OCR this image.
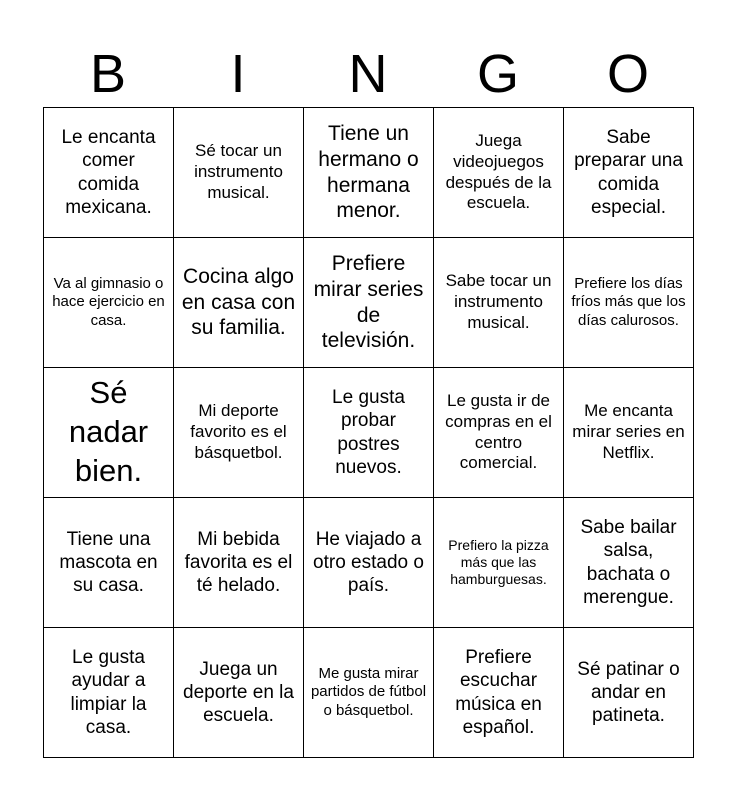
B	I	N	G	O
Le encanta comer comida mexicana.	Sé tocar un instrumento musical.	Tiene un hermano o hermana menor.	Juega videojuegos después de la escuela.	Sabe preparar una comida especial.
Va al gimnasio o hace ejercicio en casa.	Cocina algo en casa con su familia.	Prefiere mirar series de televisión.	Sabe tocar un instrumento musical.	Prefiere los días fríos más que los días calurosos.
Sé nadar bien.	Mi deporte favorito es el básquetbol.	Le gusta probar postres nuevos.	Le gusta ir de compras en el centro comercial.	Me encanta mirar series en Netflix.
Tiene una mascota en su casa.	Mi bebida favorita es el té helado.	He viajado a otro estado o país.	Prefiero la pizza más que las hamburguesas.	Sabe bailar salsa, bachata o merengue.
Le gusta ayudar a limpiar la casa.	Juega un deporte en la escuela.	Me gusta mirar partidos de fútbol o básquetbol.	Prefiere escuchar música en español.	Sé patinar o andar en patineta.
